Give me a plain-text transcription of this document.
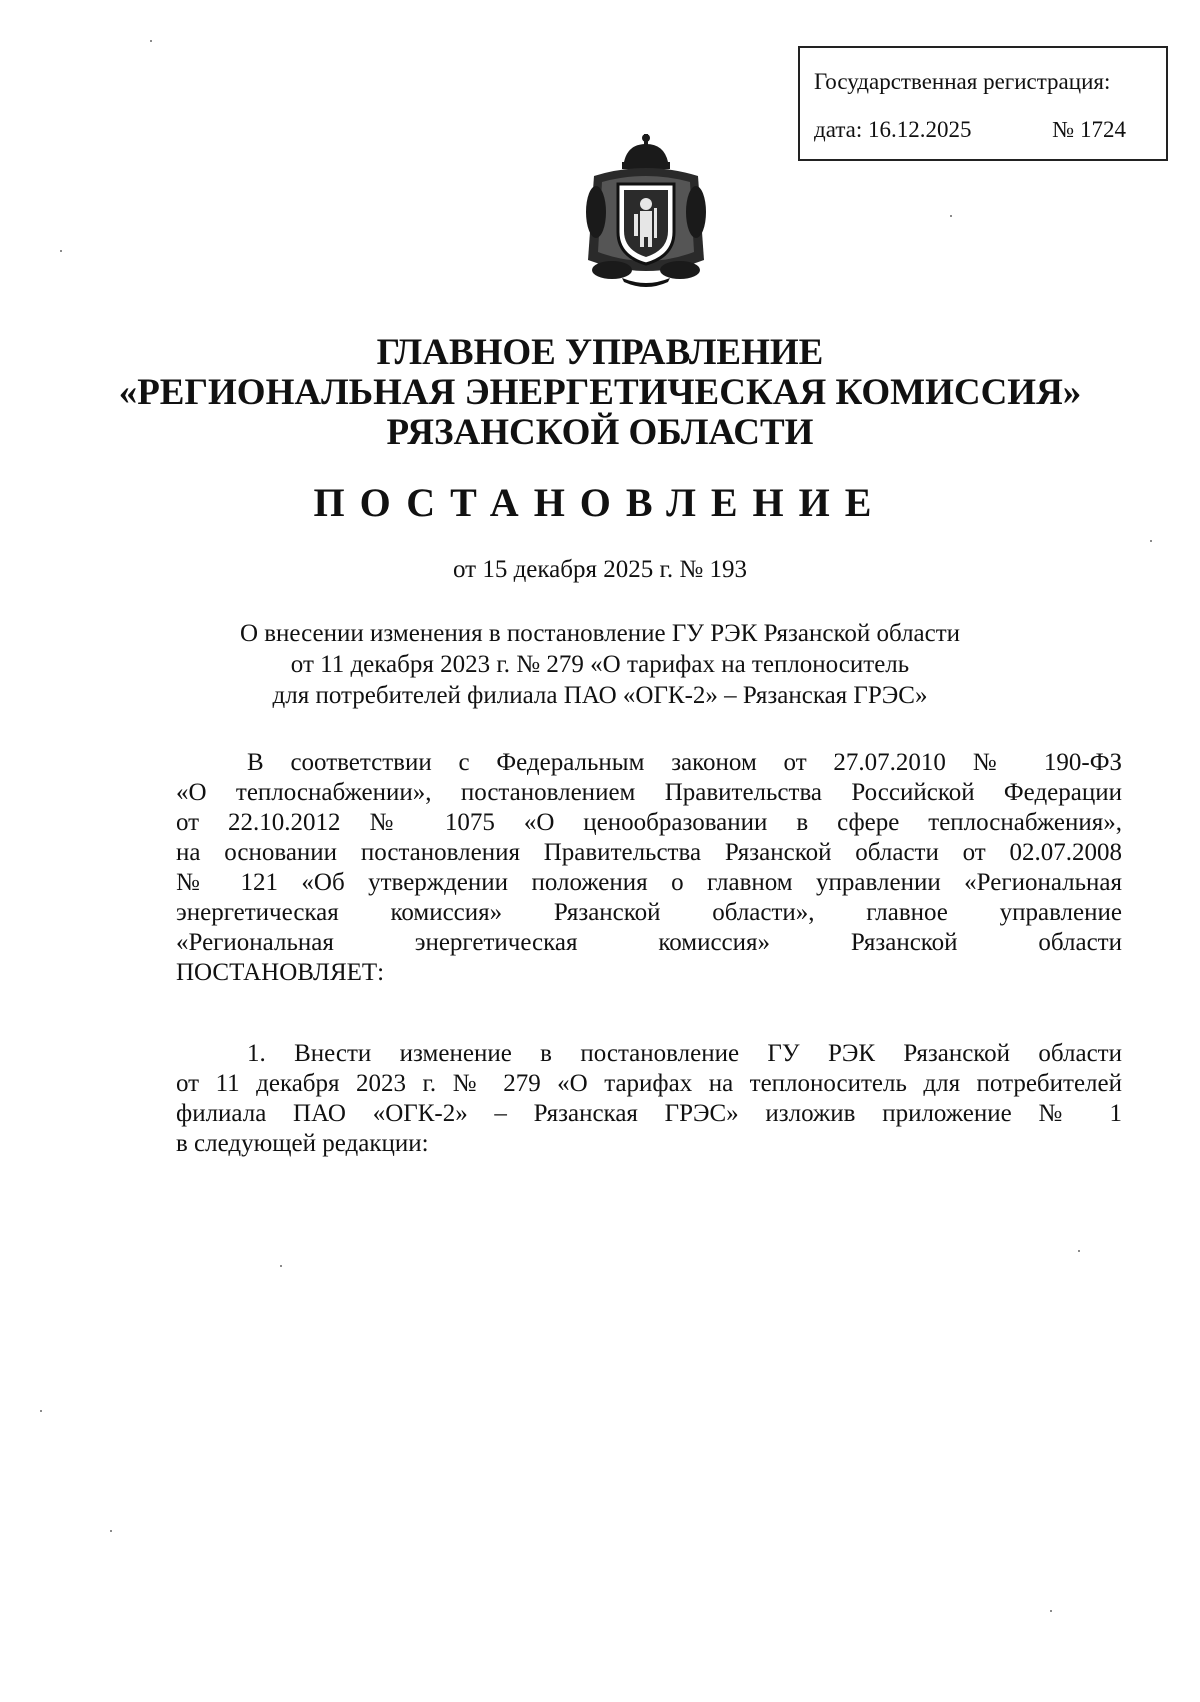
Государственная регистрация:
дата: 16.12.2025	№ 1724
ГЛАВНОЕ УПРАВЛЕНИЕ
«РЕГИОНАЛЬНАЯ ЭНЕРГЕТИЧЕСКАЯ КОМИССИЯ»
РЯЗАНСКОЙ ОБЛАСТИ
ПОСТАНОВЛЕНИЕ
от 15 декабря 2025 г. № 193
О внесении изменения в постановление ГУ РЭК Рязанской области
от 11 декабря 2023 г. № 279 «О тарифах на теплоноситель
для потребителей филиала ПАО «ОГК-2» – Рязанская ГРЭС»
В соответствии с Федеральным законом от 27.07.2010 № 190-ФЗ
«О теплоснабжении», постановлением Правительства Российской Федерации
от 22.10.2012 № 1075 «О ценообразовании в сфере теплоснабжения»,
на основании постановления Правительства Рязанской области от 02.07.2008
№ 121 «Об утверждении положения о главном управлении «Региональная
энергетическая комиссия» Рязанской области», главное управление
«Региональная энергетическая комиссия» Рязанской области
ПОСТАНОВЛЯЕТ:
1. Внести изменение в постановление ГУ РЭК Рязанской области
от 11 декабря 2023 г. № 279 «О тарифах на теплоноситель для потребителей
филиала ПАО «ОГК-2» – Рязанская ГРЭС» изложив приложение № 1
в следующей редакции:
